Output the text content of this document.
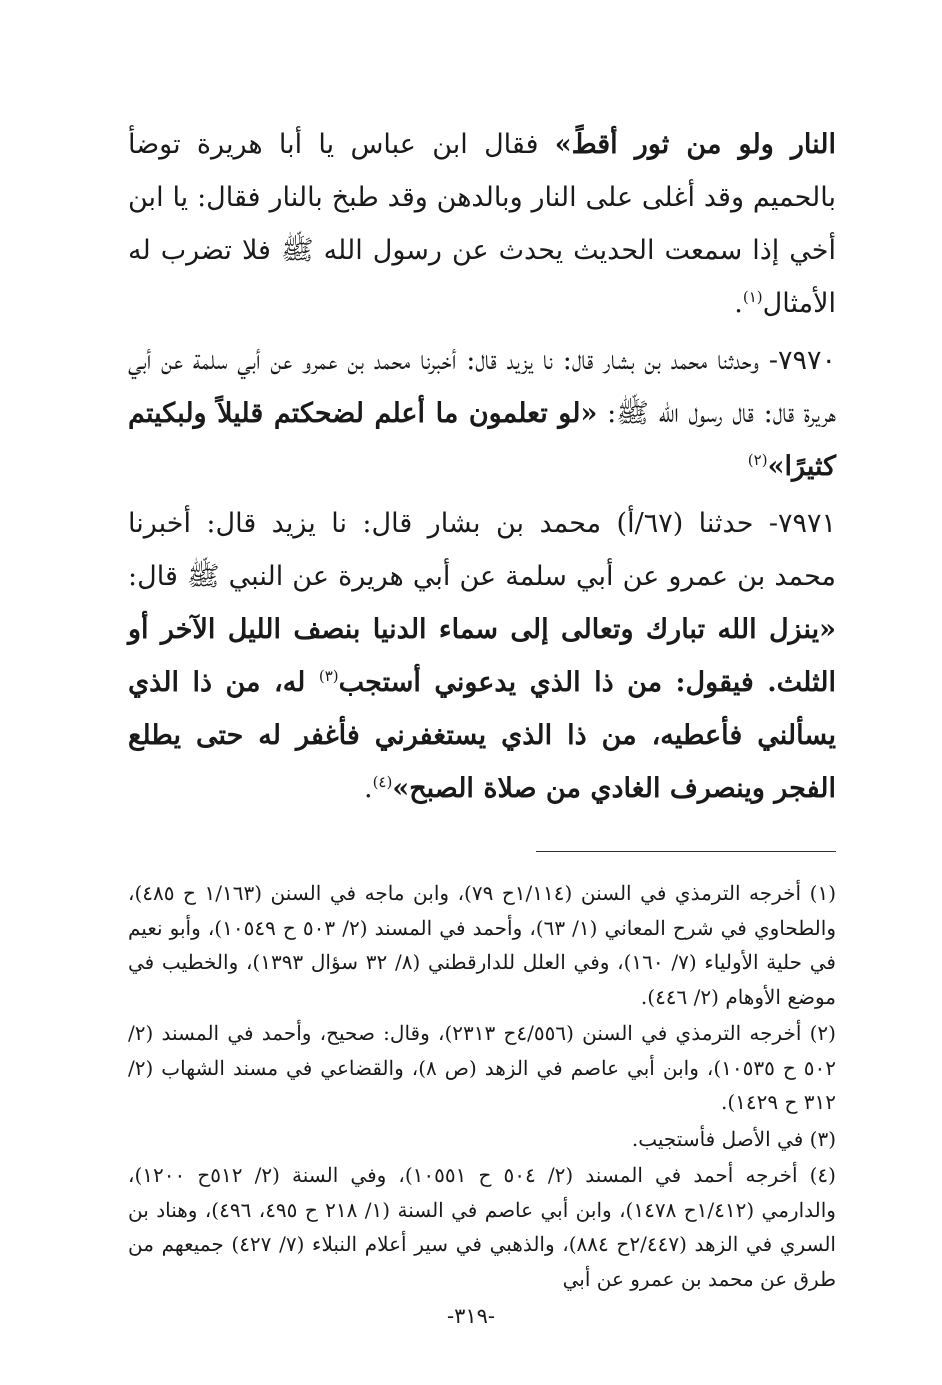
النار ولو من ثور أقطً» فقال ابن عباس يا أبا هريرة توضأ بالحميم وقد أغلى على النار وبالدهن وقد طبخ بالنار فقال: يا ابن أخي إذا سمعت الحديث يحدث عن رسول الله ﷺ فلا تضرب له الأمثال$^{(١)}$.

٧٩٧٠- وحدثنا محمد بن بشار قال: نا يزيد قال: أخبرنا محمد بن عمرو عن أبي سلمة عن أبي هريرة قال: قال رسول الله ﷺ: «لو تعلمون ما أعلم لضحكتم قليلاً ولبكيتم كثيرًا»$^{(٢)}$

٧٩٧١- حدثنا (٦٧/أ) محمد بن بشار قال: نا يزيد قال: أخبرنا محمد بن عمرو عن أبي سلمة عن أبي هريرة عن النبي ﷺ قال: «ينزل الله تبارك وتعالى إلى سماء الدنيا بنصف الليل الآخر أو الثلث. فيقول: من ذا الذي يدعوني أستجب$^{(٣)}$ له، من ذا الذي يسألني فأعطيه، من ذا الذي يستغفرني فأغفر له حتى يطلع الفجر وينصرف الغادي من صلاة الصبح»$^{(٤)}$.

(١) أخرجه الترمذي في السنن (١/١١٤ح ٧٩)، وابن ماجه في السنن (١/١٦٣ ح ٤٨٥)، والطحاوي في شرح المعاني (١/ ٦٣)، وأحمد في المسند (٢/ ٥٠٣ ح ١٠٥٤٩)، وأبو نعيم في حلية الأولياء (٧/ ١٦٠)، وفي العلل للدارقطني (٨/ ٣٢ سؤال ١٣٩٣)، والخطيب في موضع الأوهام (٢/ ٤٤٦).

(٢) أخرجه الترمذي في السنن (٤/٥٥٦ح ٢٣١٣)، وقال: صحيح، وأحمد في المسند (٢/ ٥٠٢ ح ١٠٥٣٥)، وابن أبي عاصم في الزهد (ص ٨)، والقضاعي في مسند الشهاب (٢/ ٣١٢ ح ١٤٢٩).

(٣) في الأصل فأستجيب.

(٤) أخرجه أحمد في المسند (٢/ ٥٠٤ ح ١٠٥٥١)، وفي السنة (٢/ ٥١٢ح ١٢٠٠)، والدارمي (١/٤١٢ح ١٤٧٨)، وابن أبي عاصم في السنة (١/ ٢١٨ ح ٤٩٥، ٤٩٦)، وهناد بن السري في الزهد (٢/٤٤٧ح ٨٨٤)، والذهبي في سير أعلام النبلاء (٧/ ٤٢٧) جميعهم من طرق عن محمد بن عمرو عن أبي

-٣١٩-
